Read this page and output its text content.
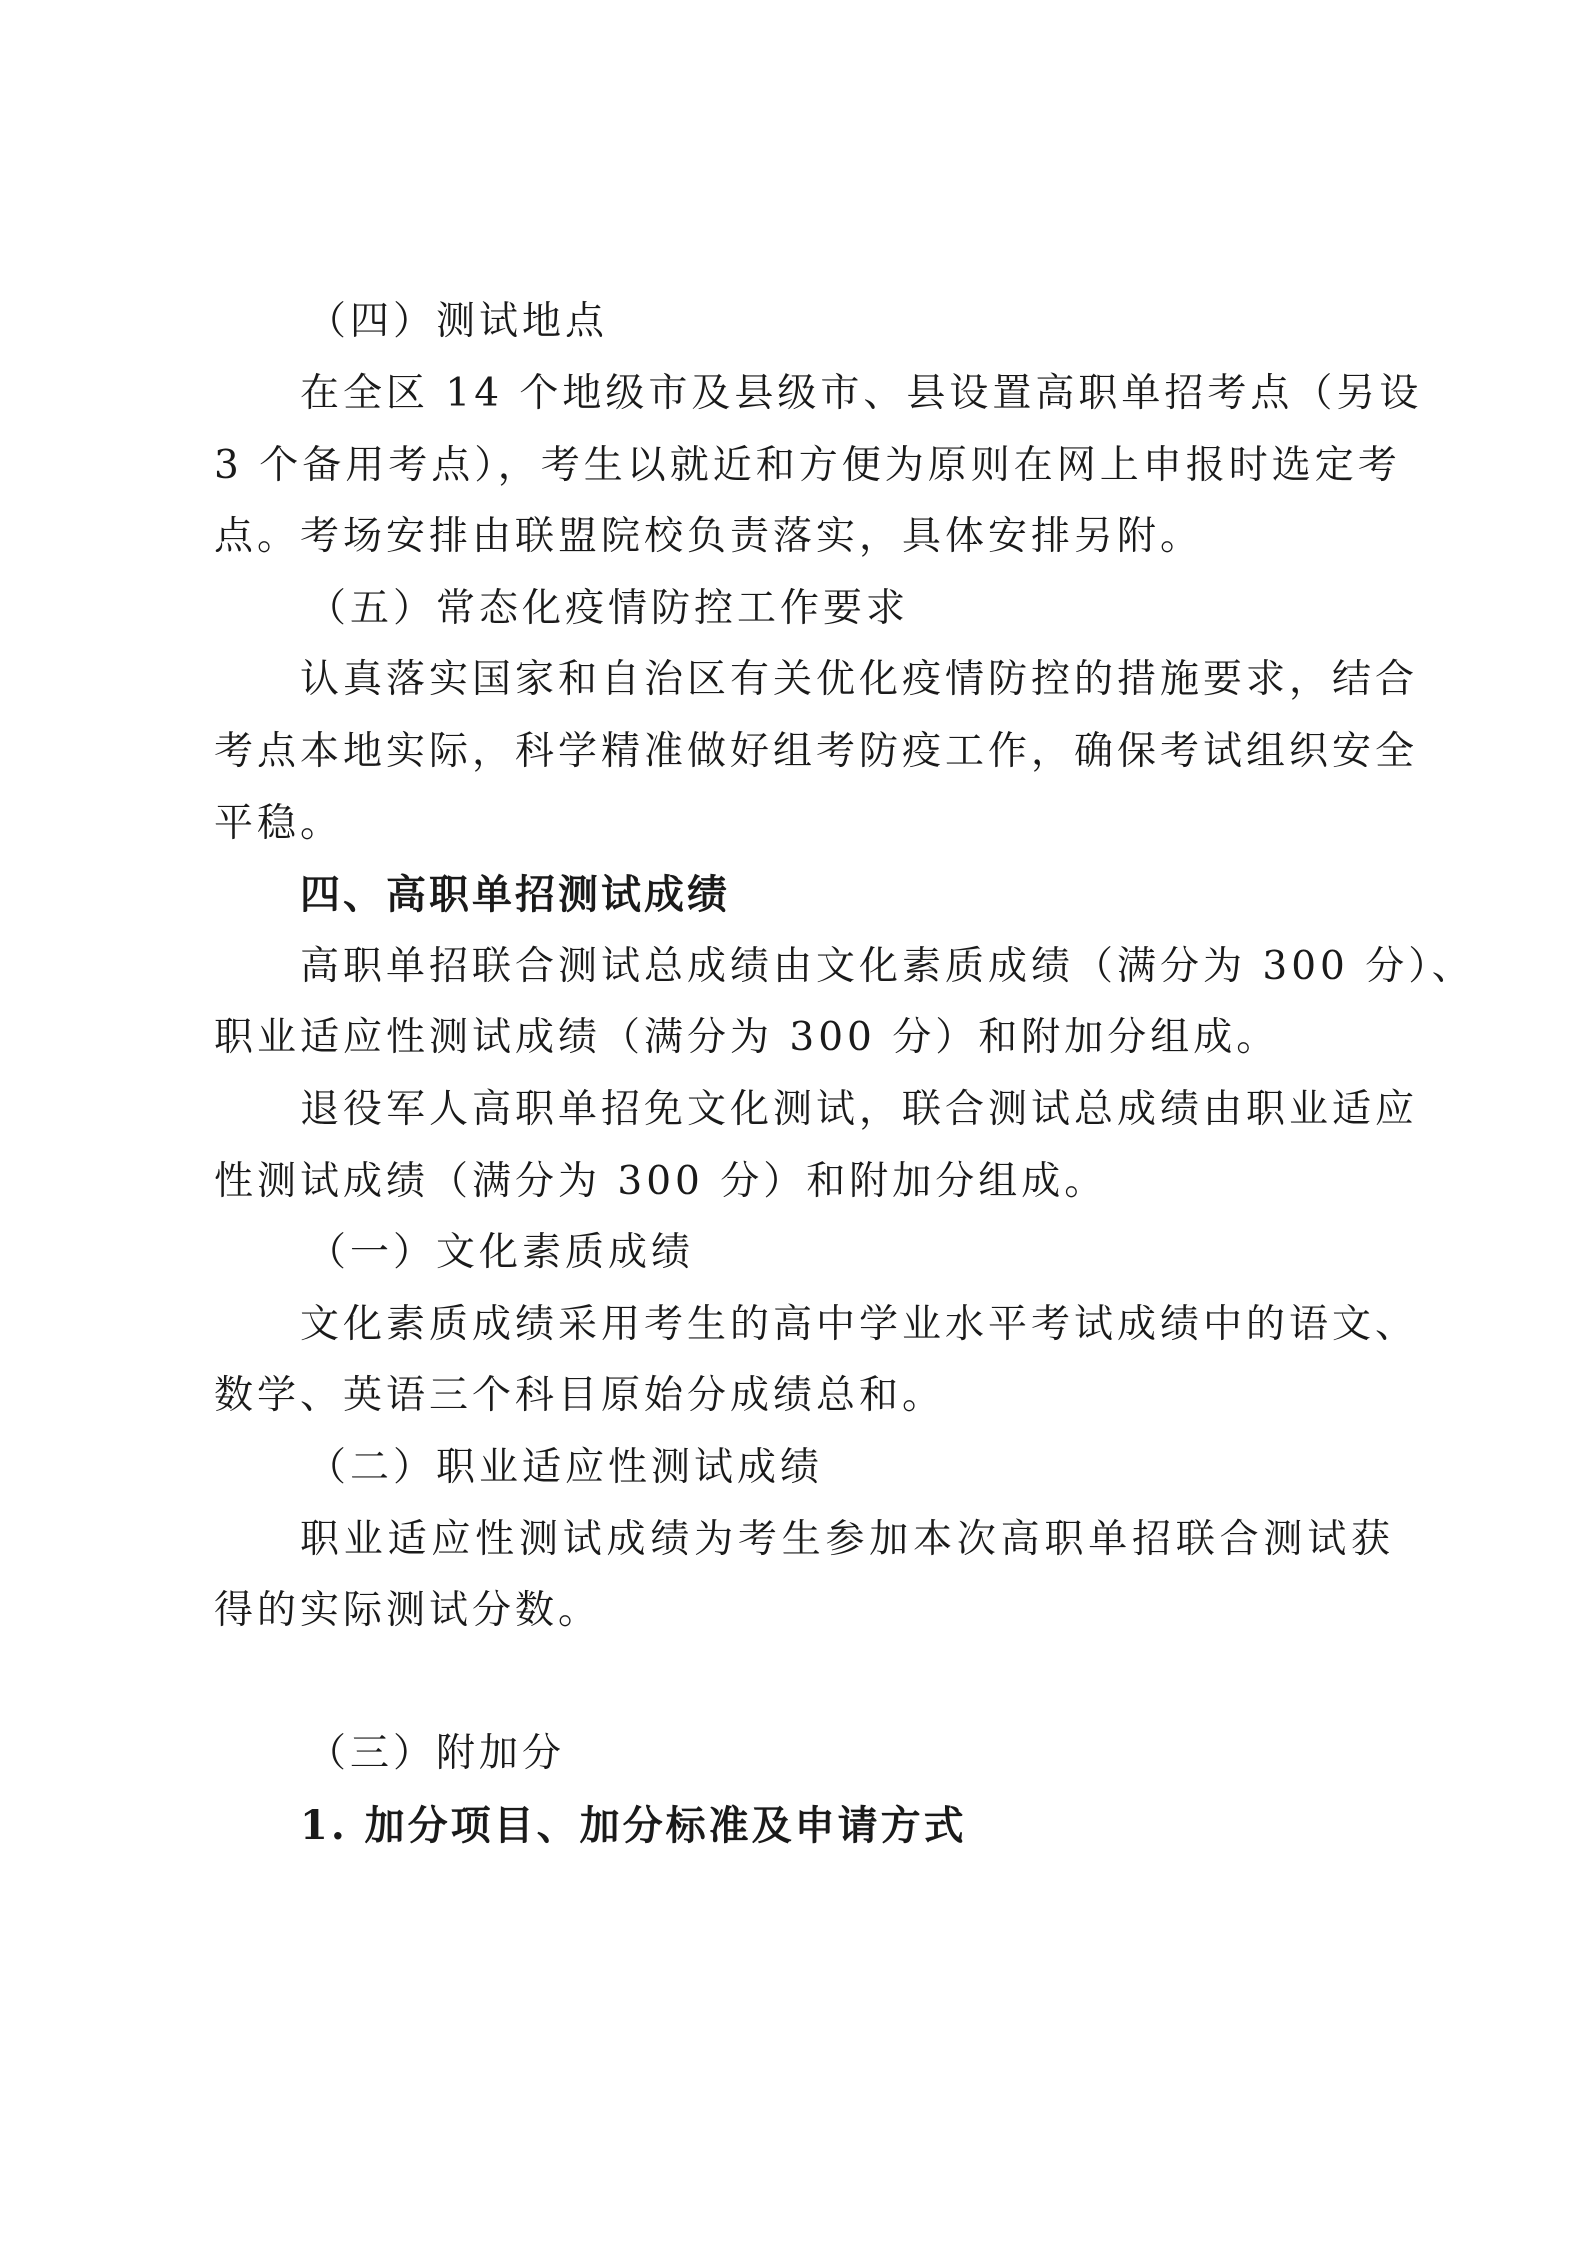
（四）测试地点
在全区 14 个地级市及县级市、县设置高职单招考点（另设
3 个备用考点），考生以就近和方便为原则在网上申报时选定考
点。考场安排由联盟院校负责落实，具体安排另附。
（五）常态化疫情防控工作要求
认真落实国家和自治区有关优化疫情防控的措施要求，结合
考点本地实际，科学精准做好组考防疫工作，确保考试组织安全
平稳。
四、高职单招测试成绩
高职单招联合测试总成绩由文化素质成绩（满分为 300 分）、
职业适应性测试成绩（满分为 300 分）和附加分组成。
退役军人高职单招免文化测试，联合测试总成绩由职业适应
性测试成绩（满分为 300 分）和附加分组成。
（一）文化素质成绩
文化素质成绩采用考生的高中学业水平考试成绩中的语文、
数学、英语三个科目原始分成绩总和。
（二）职业适应性测试成绩
职业适应性测试成绩为考生参加本次高职单招联合测试获
得的实际测试分数。
（三）附加分
1. 加分项目、加分标准及申请方式
